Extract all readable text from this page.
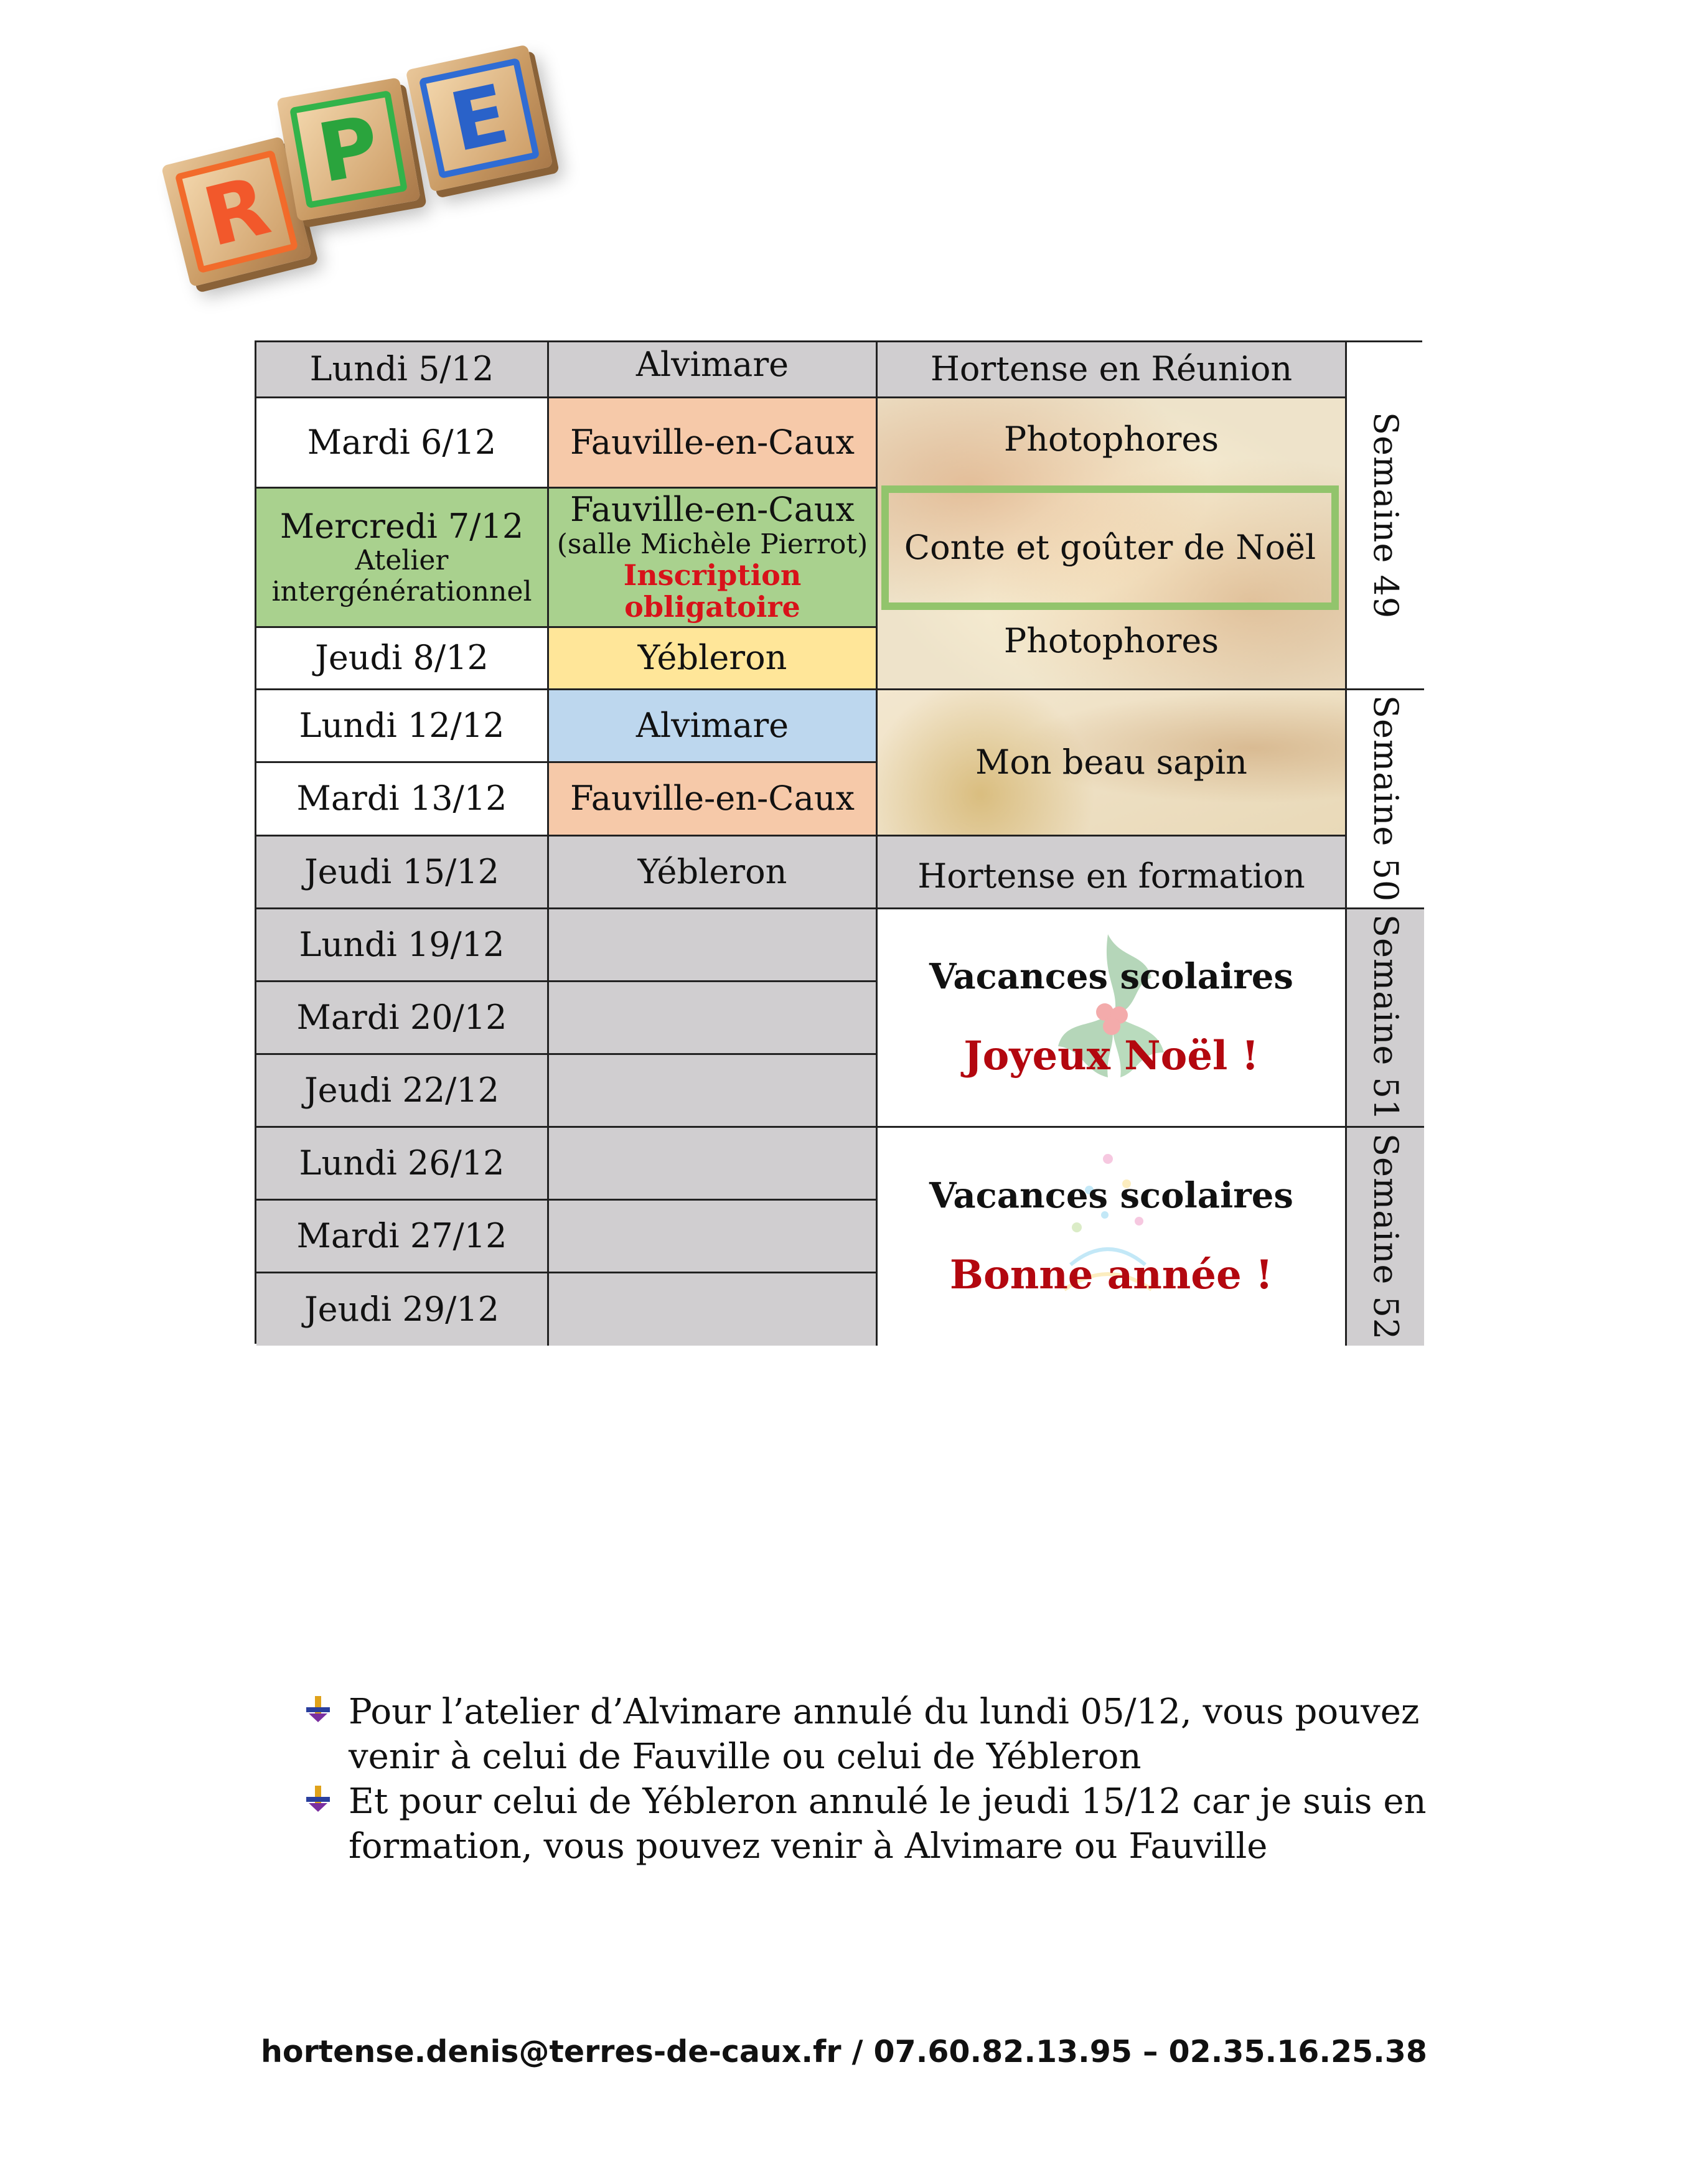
R
P E
Lundi 5/12
Mardi 6/12
Mercredi 7/12
Atelier intergénérationnel
Jeudi 8/12
Lundi 12/12
Mardi 13/12
Jeudi 15/12
Lundi 19/12
Mardi 20/12
Jeudi 22/12
Lundi 26/12
Mardi 27/12
Jeudi 29/12
Alvimare
Fauville-en-Caux
Fauville-en-Caux
(salle Michèle Pierrot)
Inscription obligatoire
Yébleron
Alvimare
Fauville-en-Caux
Yébleron
Hortense en Réunion
Photophores
Conte et goûter de Noël
Photophores
Mon beau sapin
Hortense en formation
Vacances scolaires
Joyeux Noël !
Vacances scolaires
Bonne année !
Semaine 49
Semaine 50
Semaine 51
Semaine 52
Pour l’atelier d’Alvimare annulé du lundi 05/12, vous pouvez venir à celui de Fauville ou celui de Yébleron
Et pour celui de Yébleron annulé le jeudi 15/12 car je suis en formation, vous pouvez venir à Alvimare ou Fauville
hortense.denis@terres-de-caux.fr / 07.60.82.13.95 – 02.35.16.25.38
